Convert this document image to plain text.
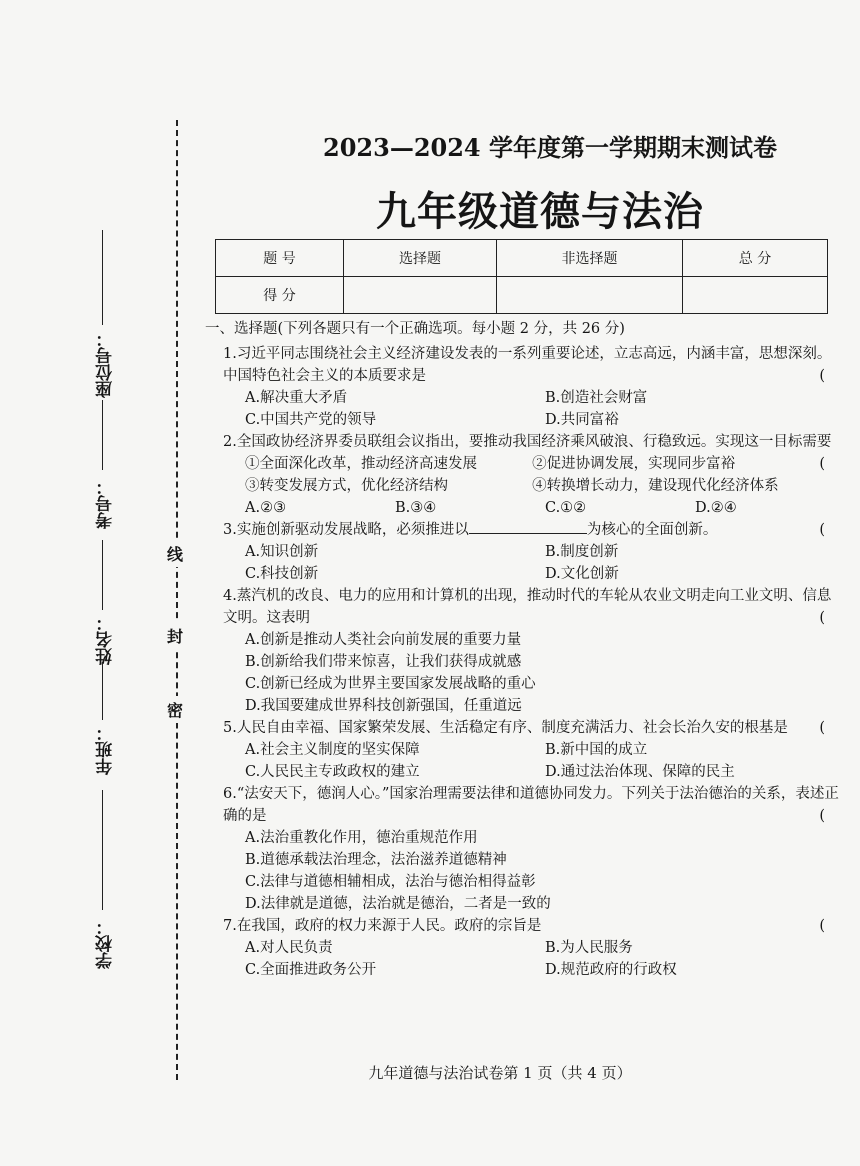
座位号：
考号：
姓名：
年班：
学校：
线
封
密
2023—2024 学年度第一学期期末测试卷
九年级道德与法治
题 号	选择题	非选择题	总 分
得 分			
一、选择题(下列各题只有一个正确选项。每小题 2 分，共 26 分)
1.习近平同志围绕社会主义经济建设发表的一系列重要论述，立志高远，内涵丰富，思想深刻。中国特色社会主义的本质要求是	(
A.解决重大矛盾	B.创造社会财富
C.中国共产党的领导	D.共同富裕
2.全国政协经济界委员联组会议指出，要推动我国经济乘风破浪、行稳致远。实现这一目标需要
(
①全面深化改革，推动经济高速发展	②促进协调发展，实现同步富裕
③转变发展方式，优化经济结构	④转换增长动力，建设现代化经济体系
A.②③	B.③④	C.①②	D.②④
3.实施创新驱动发展战略，必须推进以	为核心的全面创新。	(
A.知识创新	B.制度创新
C.科技创新	D.文化创新
4.蒸汽机的改良、电力的应用和计算机的出现，推动时代的车轮从农业文明走向工业文明、信息文明。这表明	(
A.创新是推动人类社会向前发展的重要力量
B.创新给我们带来惊喜，让我们获得成就感
C.创新已经成为世界主要国家发展战略的重心
D.我国要建成世界科技创新强国，任重道远
5.人民自由幸福、国家繁荣发展、生活稳定有序、制度充满活力、社会长治久安的根基是 (
A.社会主义制度的坚实保障	B.新中国的成立
C.人民民主专政政权的建立	D.通过法治体现、保障的民主
6.“法安天下，德润人心。”国家治理需要法律和道德协同发力。下列关于法治德治的关系，表述正确的是	(
A.法治重教化作用，德治重规范作用
B.道德承载法治理念，法治滋养道德精神
C.法律与道德相辅相成，法治与德治相得益彰
D.法律就是道德，法治就是德治，二者是一致的
7.在我国，政府的权力来源于人民。政府的宗旨是	(
A.对人民负责	B.为人民服务
C.全面推进政务公开	D.规范政府的行政权
九年道德与法治试卷第 1 页（共 4 页）
